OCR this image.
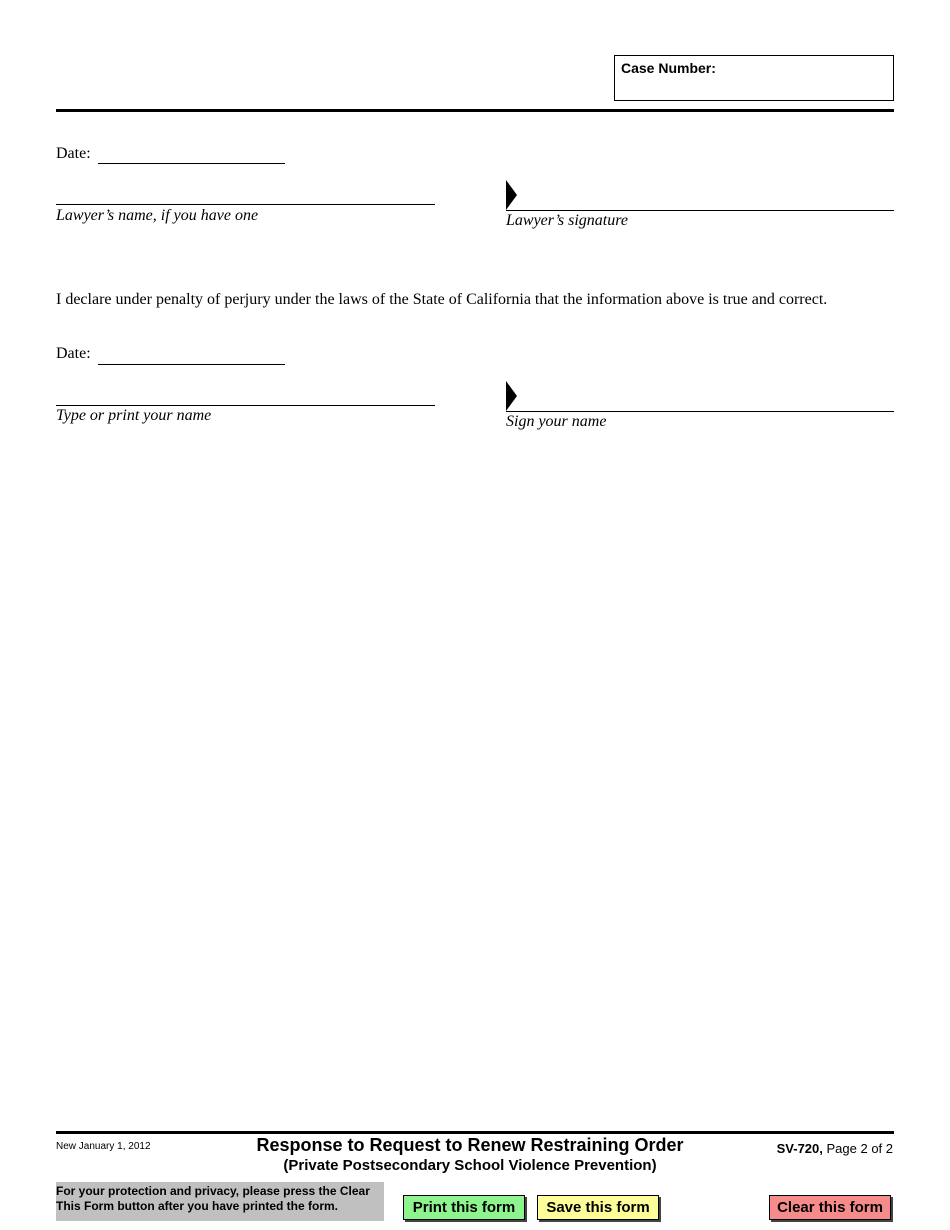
Case Number:
Date:
Lawyer’s name, if you have one	Lawyer’s signature
I declare under penalty of perjury under the laws of the State of California that the information above is true and correct.
Date:
Type or print your name	Sign your name
New January 1, 2012	Response to Request to Renew Restraining Order
(Private Postsecondary School Violence Prevention)
SV-720, Page 2 of 2
For your protection and privacy, please press the Clear This Form button after you have printed the form.	Print this form	Save this form	Clear this form
